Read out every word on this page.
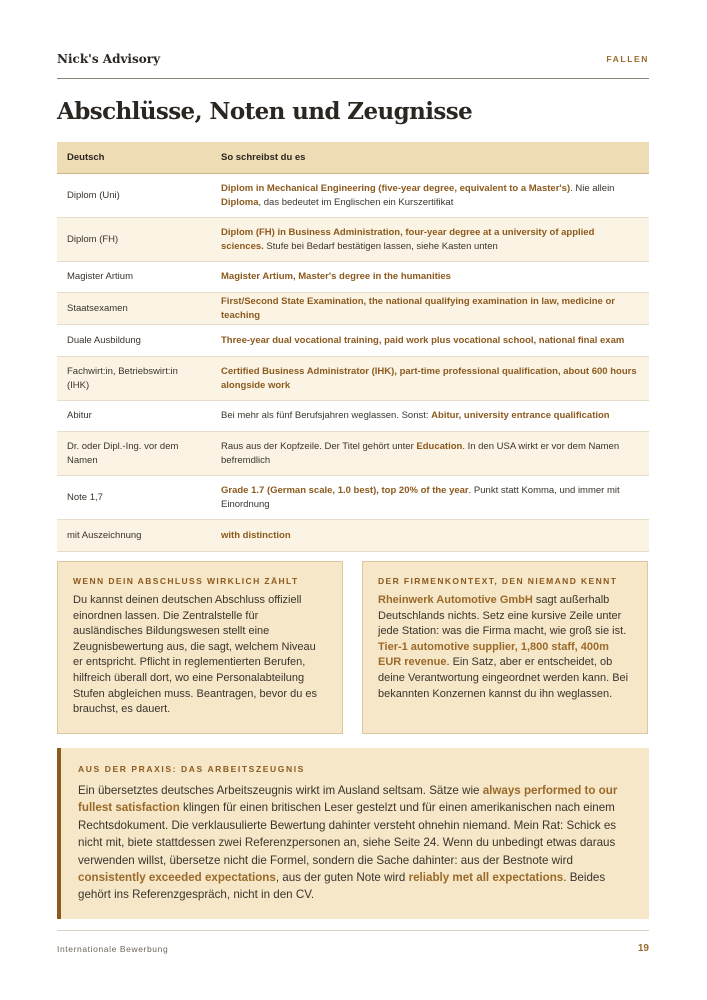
Nick's Advisory	FALLEN
Abschlüsse, Noten und Zeugnisse
Deutsch	So schreibst du es
Diplom (Uni)	Diplom in Mechanical Engineering (five-year degree, equivalent to a Master's). Nie allein Diploma, das bedeutet im Englischen ein Kurszertifikat
Diplom (FH)	Diplom (FH) in Business Administration, four-year degree at a university of applied sciences. Stufe bei Bedarf bestätigen lassen, siehe Kasten unten
Magister Artium	Magister Artium, Master's degree in the humanities
Staatsexamen	First/Second State Examination, the national qualifying examination in law, medicine or teaching
Duale Ausbildung	Three-year dual vocational training, paid work plus vocational school, national final exam
Fachwirt:in, Betriebswirt:in (IHK)	Certified Business Administrator (IHK), part-time professional qualification, about 600 hours alongside work
Abitur	Bei mehr als fünf Berufsjahren weglassen. Sonst: Abitur, university entrance qualification
Dr. oder Dipl.-Ing. vor dem Namen	Raus aus der Kopfzeile. Der Titel gehört unter Education. In den USA wirkt er vor dem Namen befremdlich
Note 1,7	Grade 1.7 (German scale, 1.0 best), top 20% of the year. Punkt statt Komma, und immer mit Einordnung
mit Auszeichnung	with distinction
WENN DEIN ABSCHLUSS WIRKLICH ZÄHLT
Du kannst deinen deutschen Abschluss offiziell einordnen lassen. Die Zentralstelle für ausländisches Bildungswesen stellt eine Zeugnisbewertung aus, die sagt, welchem Niveau er entspricht. Pflicht in reglementierten Berufen, hilfreich überall dort, wo eine Personalabteilung Stufen abgleichen muss. Beantragen, bevor du es brauchst, es dauert.
DER FIRMENKONTEXT, DEN NIEMAND KENNT
Rheinwerk Automotive GmbH sagt außerhalb Deutschlands nichts. Setz eine kursive Zeile unter jede Station: was die Firma macht, wie groß sie ist. Tier-1 automotive supplier, 1,800 staff, 400m EUR revenue. Ein Satz, aber er entscheidet, ob deine Verantwortung eingeordnet werden kann. Bei bekannten Konzernen kannst du ihn weglassen.
AUS DER PRAXIS: DAS ARBEITSZEUGNIS
Ein übersetztes deutsches Arbeitszeugnis wirkt im Ausland seltsam. Sätze wie always performed to our fullest satisfaction klingen für einen britischen Leser gestelzt und für einen amerikanischen nach einem Rechtsdokument. Die verklausulierte Bewertung dahinter versteht ohnehin niemand. Mein Rat: Schick es nicht mit, biete stattdessen zwei Referenzpersonen an, siehe Seite 24. Wenn du unbedingt etwas daraus verwenden willst, übersetze nicht die Formel, sondern die Sache dahinter: aus der Bestnote wird consistently exceeded expectations, aus der guten Note wird reliably met all expectations. Beides gehört ins Referenzgespräch, nicht in den CV.
Internationale Bewerbung	19
